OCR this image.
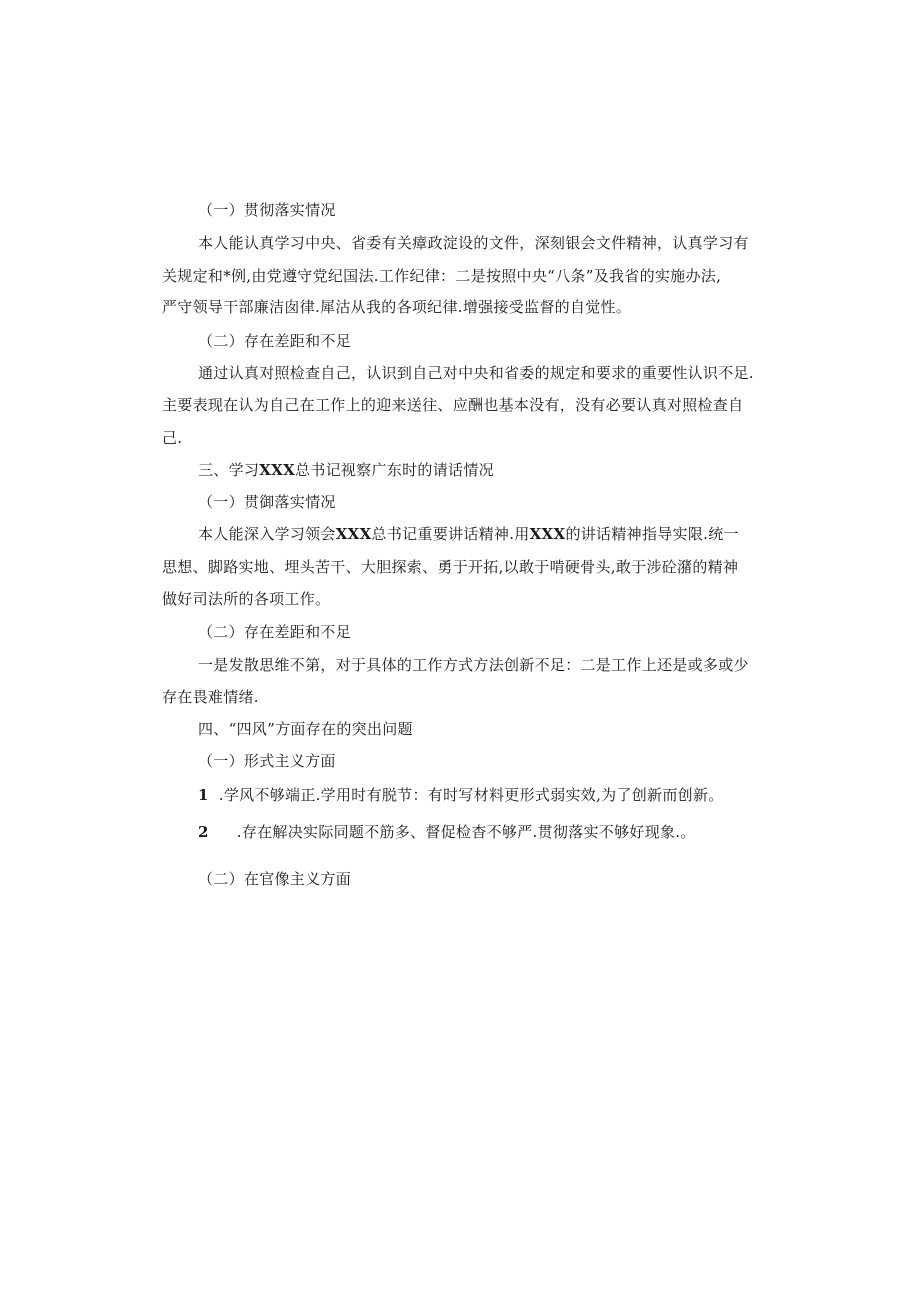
（一）贯彻落实情况
本人能认真学习中央、省委有关瘴政淀设的文件，深刻银会文件精神，认真学习有
关规定和*例,由党遵守党纪国法.工作纪律：二是按照中央“八条”及我省的实施办法,
严守领导干部廉洁囱律.犀沽从我的各项纪律.增强接受监督的自觉性。
（二）存在差距和不足
通过认真对照检查自己，认识到自己对中央和省委的规定和要求的重要性认识不足.
主要表现在认为自己在工作上的迎来送往、应酬也基本没有，没有必要认真对照检查自
己.
三、学习XXX总书记视察广东时的请话情况
（一）贯御落实情况
本人能深入学习领会XXX总书记重要讲话精神.用XXX的讲话精神指导实限.统一
思想、脚路实地、埋头苦干、大胆探索、勇于开拓,以敢于啃硬骨头,敢于涉砼潴的精神
做好司法所的各项工作。
（二）存在差距和不足
一是发散思维不第，对于具体的工作方式方法创新不足：二是工作上还是或多或少
存在畏难情绪.
四、“四风”方面存在的突出问题
（一）形式主义方面
1 .学风不够端正.学用时有脱节：有时写材料更形式弱实效,为了创新而创新。
2 .存在解决实际同题不筋多、督促检杳不够严.贯彻落实不够好现象.。
（二）在官像主义方面
